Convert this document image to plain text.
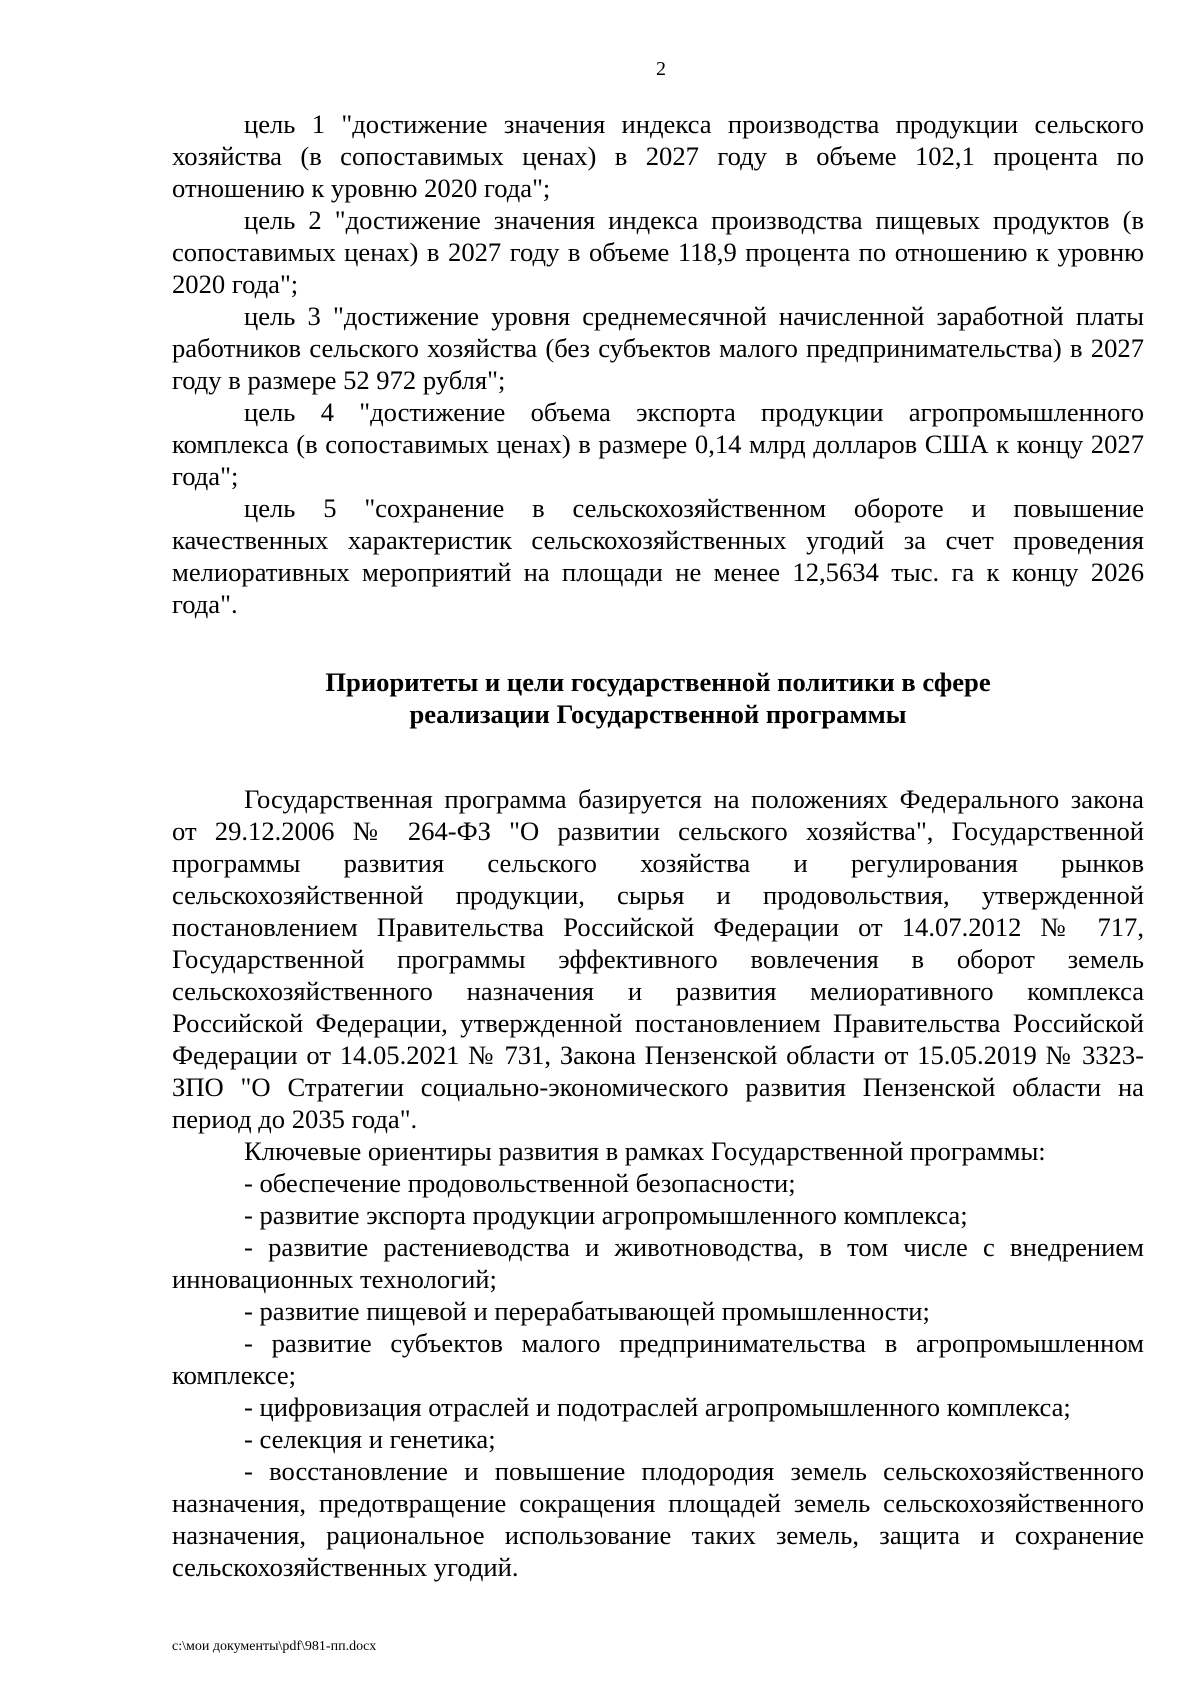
2

цель 1 "достижение значения индекса производства продукции сельского хозяйства (в сопоставимых ценах) в 2027 году в объеме 102,1 процента по отношению к уровню 2020 года";

цель 2 "достижение значения индекса производства пищевых продуктов (в сопоставимых ценах) в 2027 году в объеме 118,9 процента по отношению к уровню 2020 года";

цель 3 "достижение уровня среднемесячной начисленной заработной платы работников сельского хозяйства (без субъектов малого предпринимательства) в 2027 году в размере 52 972 рубля";

цель 4 "достижение объема экспорта продукции агропромышленного комплекса (в сопоставимых ценах) в размере 0,14 млрд долларов США к концу 2027 года";

цель 5 "сохранение в сельскохозяйственном обороте и повышение качественных характеристик сельскохозяйственных угодий за счет проведения мелиоративных мероприятий на площади не менее 12,5634 тыс. га к концу 2026 года".

Приоритеты и цели государственной политики в сфере
реализации Государственной программы

Государственная программа базируется на положениях Федерального закона от 29.12.2006 № 264-ФЗ "О развитии сельского хозяйства", Государственной программы развития сельского хозяйства и регулирования рынков сельскохозяйственной продукции, сырья и продовольствия, утвержденной постановлением Правительства Российской Федерации от 14.07.2012 № 717, Государственной программы эффективного вовлечения в оборот земель сельскохозяйственного назначения и развития мелиоративного комплекса Российской Федерации, утвержденной постановлением Правительства Российской Федерации от 14.05.2021 № 731, Закона Пензенской области от 15.05.2019 № 3323-ЗПО "О Стратегии социально-экономического развития Пензенской области на период до 2035 года".

Ключевые ориентиры развития в рамках Государственной программы:

- обеспечение продовольственной безопасности;

- развитие экспорта продукции агропромышленного комплекса;

- развитие растениеводства и животноводства, в том числе с внедрением инновационных технологий;

- развитие пищевой и перерабатывающей промышленности;

- развитие субъектов малого предпринимательства в агропромышленном комплексе;

- цифровизация отраслей и подотраслей агропромышленного комплекса;

- селекция и генетика;

- восстановление и повышение плодородия земель сельскохозяйственного назначения, предотвращение сокращения площадей земель сельскохозяйственного назначения, рациональное использование таких земель, защита и сохранение сельскохозяйственных угодий.

c:\мои документы\pdf\981-пп.docx
